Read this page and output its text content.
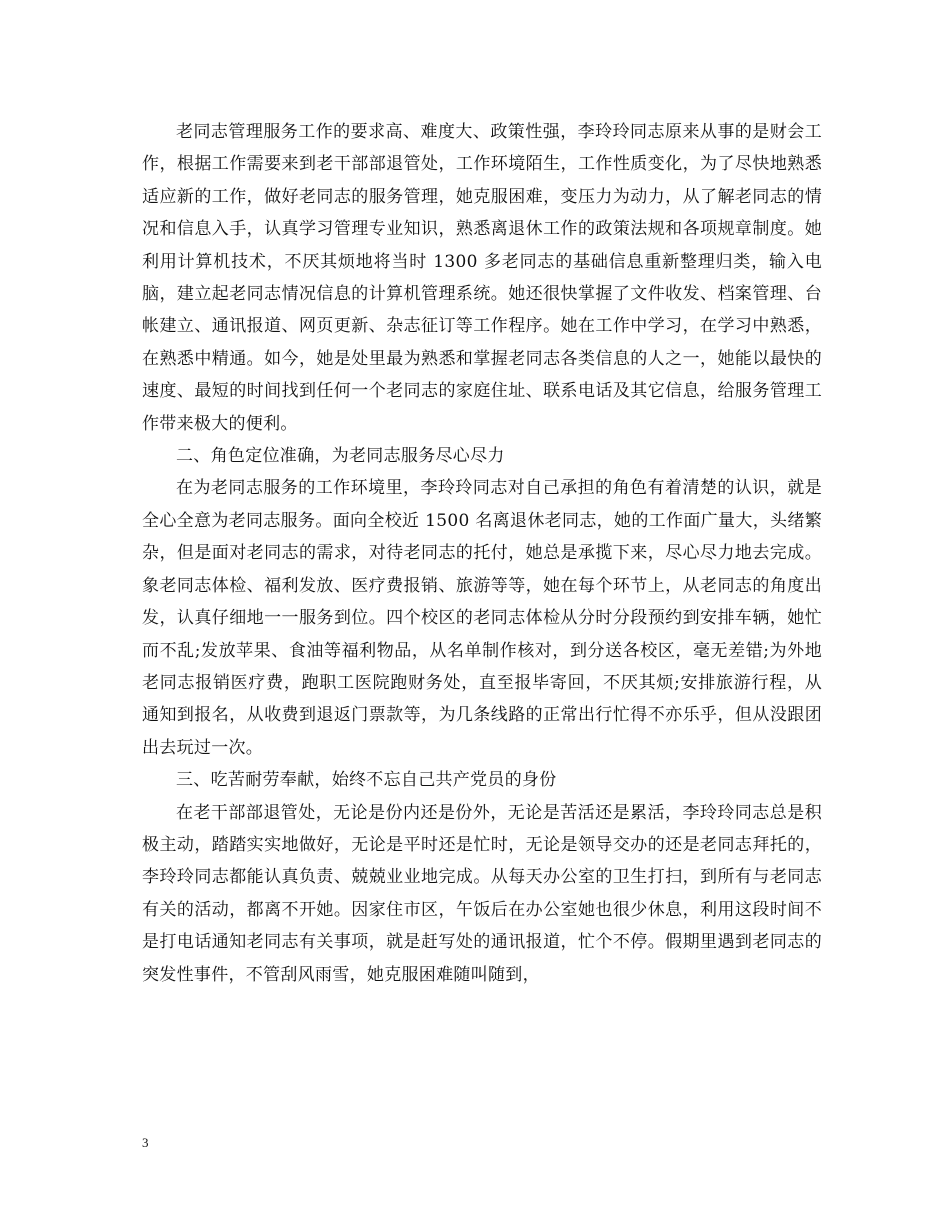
老同志管理服务工作的要求高、难度大、政策性强，李玲玲同志原来从事的是财会工作，根据工作需要来到老干部部退管处，工作环境陌生，工作性质变化，为了尽快地熟悉适应新的工作，做好老同志的服务管理，她克服困难，变压力为动力，从了解老同志的情况和信息入手，认真学习管理专业知识，熟悉离退休工作的政策法规和各项规章制度。她利用计算机技术，不厌其烦地将当时 1300 多老同志的基础信息重新整理归类，输入电脑，建立起老同志情况信息的计算机管理系统。她还很快掌握了文件收发、档案管理、台帐建立、通讯报道、网页更新、杂志征订等工作程序。她在工作中学习，在学习中熟悉，在熟悉中精通。如今，她是处里最为熟悉和掌握老同志各类信息的人之一，她能以最快的速度、最短的时间找到任何一个老同志的家庭住址、联系电话及其它信息，给服务管理工作带来极大的便利。

二、角色定位准确，为老同志服务尽心尽力

在为老同志服务的工作环境里，李玲玲同志对自己承担的角色有着清楚的认识，就是全心全意为老同志服务。面向全校近 1500 名离退休老同志，她的工作面广量大，头绪繁杂，但是面对老同志的需求，对待老同志的托付，她总是承揽下来，尽心尽力地去完成。象老同志体检、福利发放、医疗费报销、旅游等等，她在每个环节上，从老同志的角度出发，认真仔细地一一服务到位。四个校区的老同志体检从分时分段预约到安排车辆，她忙而不乱;发放苹果、食油等福利物品，从名单制作核对，到分送各校区，毫无差错;为外地老同志报销医疗费，跑职工医院跑财务处，直至报毕寄回，不厌其烦;安排旅游行程，从通知到报名，从收费到退返门票款等，为几条线路的正常出行忙得不亦乐乎，但从没跟团出去玩过一次。

三、吃苦耐劳奉献，始终不忘自己共产党员的身份

在老干部部退管处，无论是份内还是份外，无论是苦活还是累活，李玲玲同志总是积极主动，踏踏实实地做好，无论是平时还是忙时，无论是领导交办的还是老同志拜托的，李玲玲同志都能认真负责、兢兢业业地完成。从每天办公室的卫生打扫，到所有与老同志有关的活动，都离不开她。因家住市区，午饭后在办公室她也很少休息，利用这段时间不是打电话通知老同志有关事项，就是赶写处的通讯报道，忙个不停。假期里遇到老同志的突发性事件，不管刮风雨雪，她克服困难随叫随到，

3
